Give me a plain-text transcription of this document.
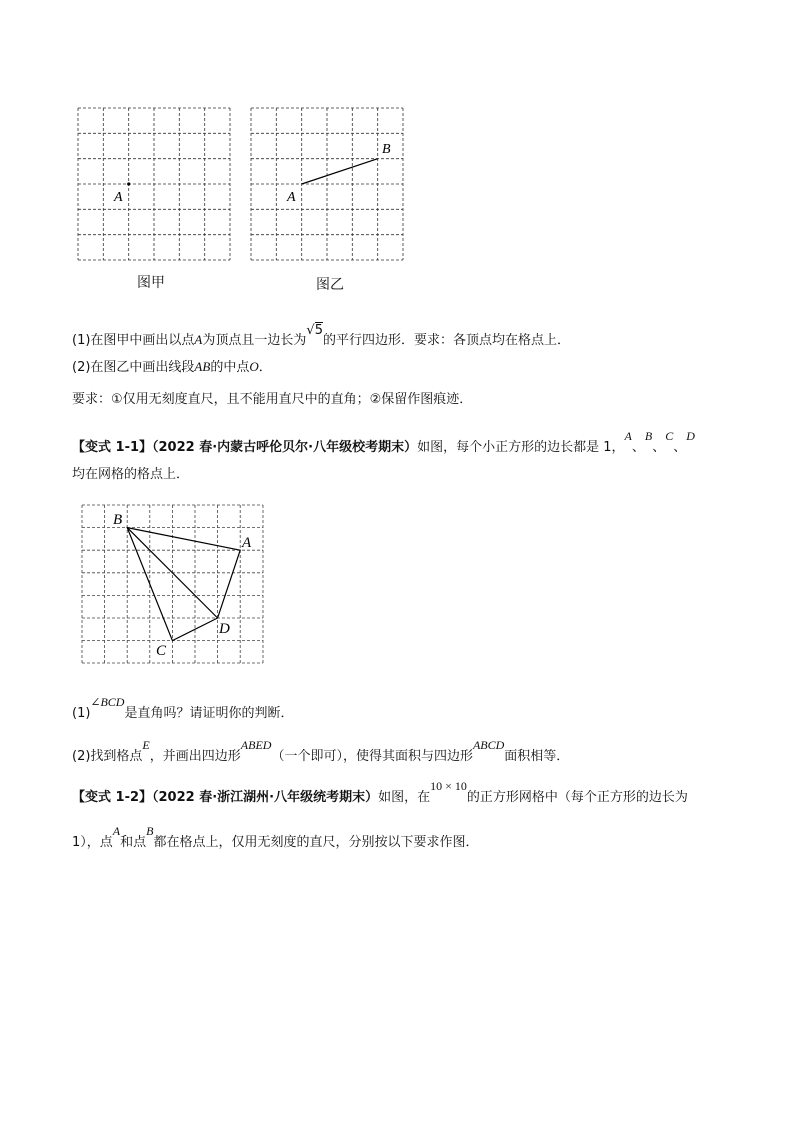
A	A
B
图甲	图乙
(1)在图甲中画出以点A为顶点且一边长为√5的平行四边形．要求：各顶点均在格点上．
(2)在图乙中画出线段AB的中点O．
要求：①仅用无刻度直尺，且不能用直尺中的直角；②保留作图痕迹．
【变式 1-1】（2022 春·内蒙古呼伦贝尔·八年级校考期末）如图，每个小正方形的边长都是 1，A、B、C、D
均在网格的格点上．
B
A
D
C
(1)∠BCD是直角吗？请证明你的判断．
(2)找到格点E，并画出四边形ABED（一个即可），使得其面积与四边形ABCD面积相等．
【变式 1-2】（2022 春·浙江湖州·八年级统考期末）如图，在10 × 10的正方形网格中（每个正方形的边长为
1），点A和点B都在格点上，仅用无刻度的直尺，分别按以下要求作图．
